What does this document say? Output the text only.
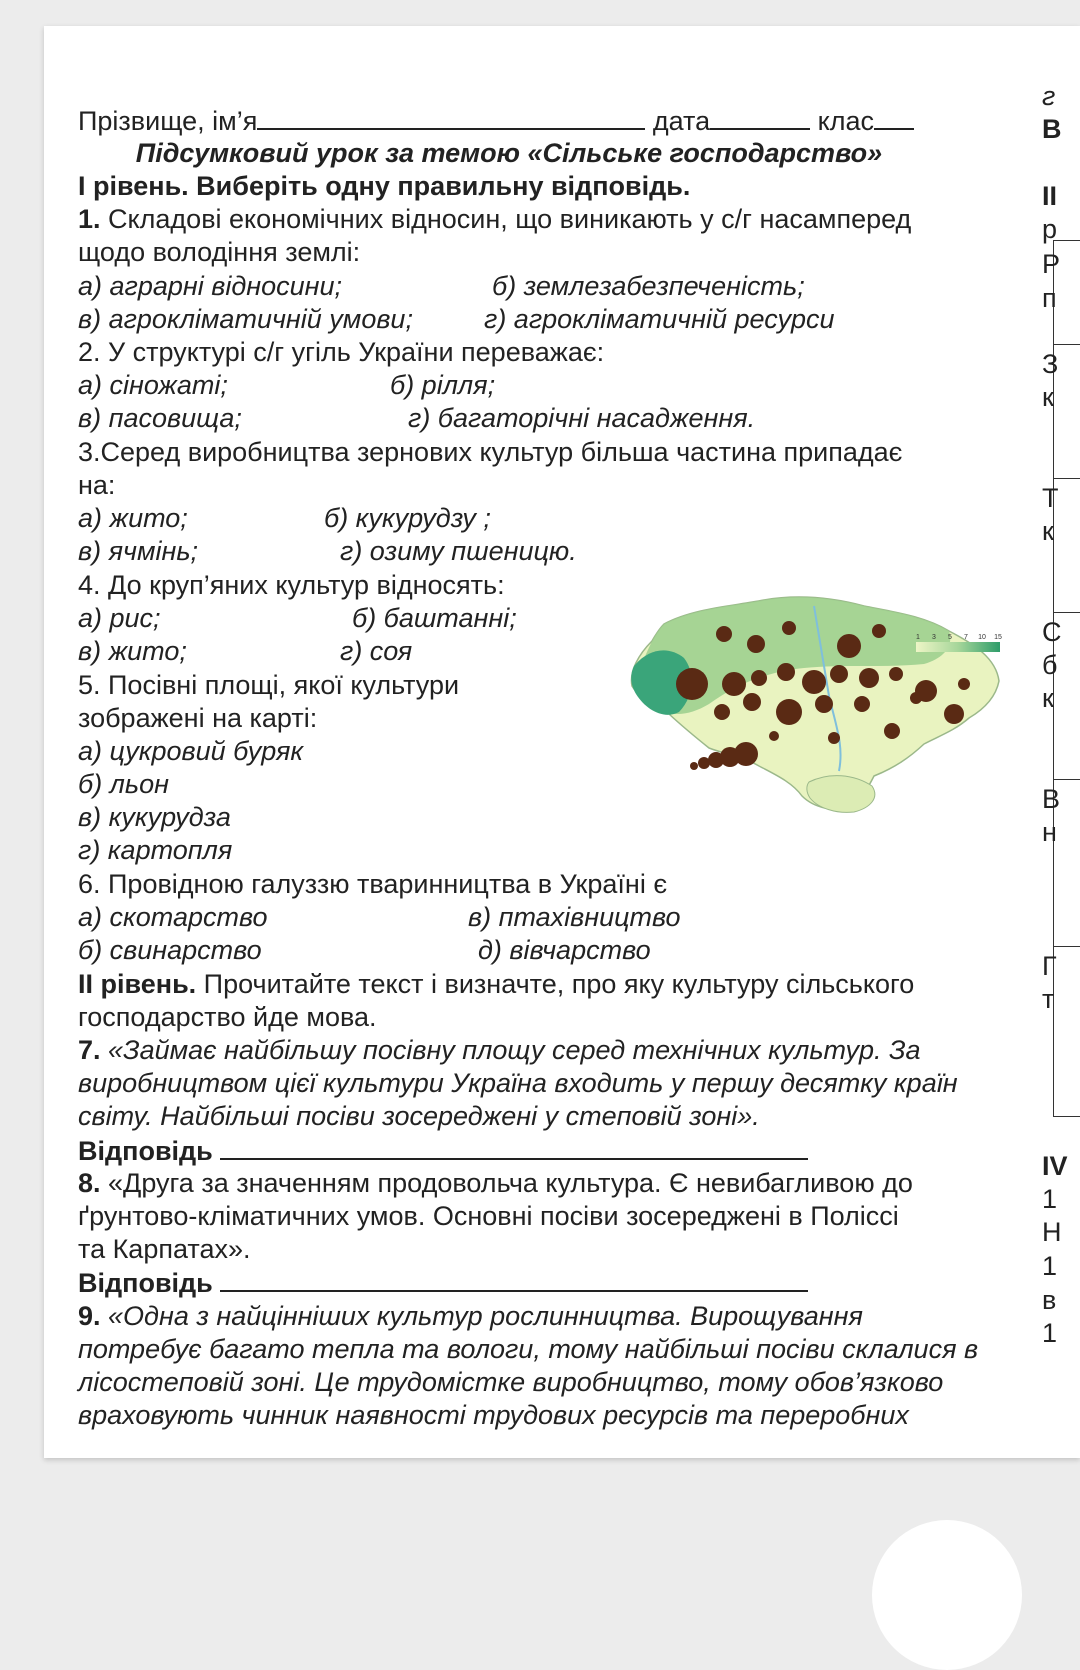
Прізвище, ім’я	дата	клас
Підсумковий урок за темою «Сільське господарство»
I рівень. Виберіть одну правильну відповідь.
1. Складові економічних відносин, що виникають у с/г насамперед
щодо володіння землі:
а) аграрні відносини;	б) землезабезпеченість;
в) агрокліматичній умови;	г) агрокліматичній ресурси
2. У структурі с/г угіль України переважає:
а) сіножаті;	б) рілля;
в) пасовища;	г) багаторічні насадження.
3.Серед виробництва зернових культур більша частина припадає
на:
а) жито;	б) кукурудзу ;
в) ячмінь;	г) озиму пшеницю.
4. До круп’яних культур відносять:
а) рис;	б) баштанні;
в) жито;	г) соя
5. Посівні площі, якої культури
зображені на карті:
а) цукровий буряк
б) льон
в) кукурудза
г) картопля
1 3 5 7 10 15
6. Провідною галуззю тваринництва в Україні є
а) скотарство	в) птахівництво
б) свинарство	д) вівчарство
II рівень. Прочитайте текст і визначте, про яку культуру сільського
господарство йде мова.
7. «Займає найбільшу посівну площу серед технічних культур. За
виробництвом цієї культури Україна входить у першу десятку країн
світу. Найбільші посіви зосереджені у степовій зоні».
Відповідь
8. «Друга за значенням продовольча культура. Є невибагливою до
ґрунтово-кліматичних умов. Основні посіви зосереджені в Поліссі
та Карпатах».
Відповідь
9. «Одна з найцінніших культур рослинництва. Вирощування
потребує багато тепла та вологи, тому найбільші посіви склалися в
лісостеповій зоні. Це трудомістке виробництво, тому обов’язково
враховують чинник наявності трудових ресурсів та переробних
г
В
II
р
Р
п
З
к
Т
к
С
б
к
В
н
Г
т
IV
1
Н
1
в
1
